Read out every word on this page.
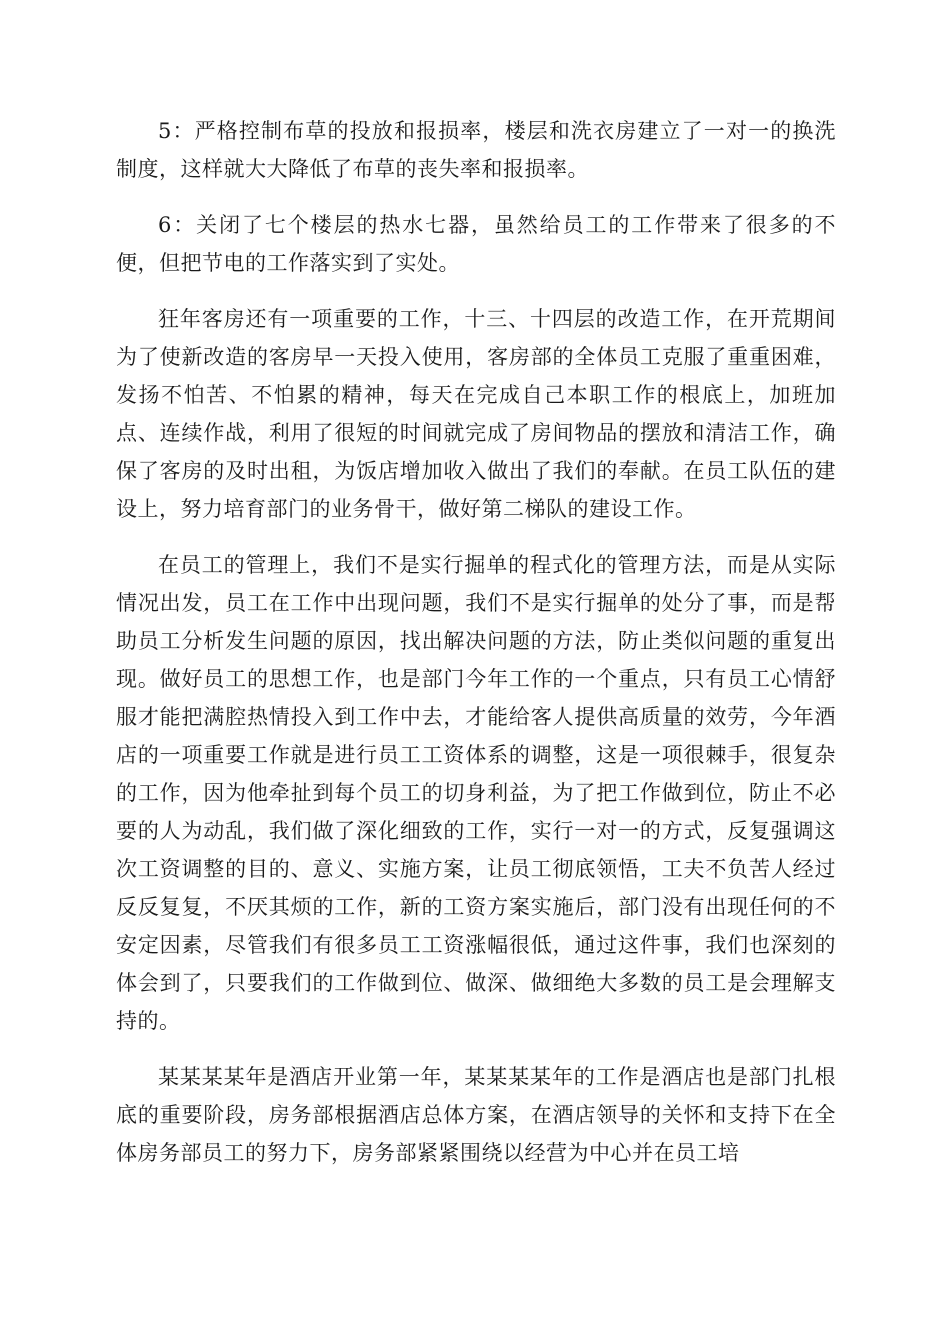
5：严格控制布草的投放和报损率，楼层和洗衣房建立了一对一的换洗制度，这样就大大降低了布草的丧失率和报损率。

6：关闭了七个楼层的热水七器，虽然给员工的工作带来了很多的不便，但把节电的工作落实到了实处。

狂年客房还有一项重要的工作，十三、十四层的改造工作，在开荒期间为了使新改造的客房早一天投入使用，客房部的全体员工克服了重重困难，发扬不怕苦、不怕累的精神，每天在完成自己本职工作的根底上，加班加点、连续作战，利用了很短的时间就完成了房间物品的摆放和清洁工作，确保了客房的及时出租，为饭店增加收入做出了我们的奉献。在员工队伍的建设上，努力培育部门的业务骨干，做好第二梯队的建设工作。

在员工的管理上，我们不是实行掘单的程式化的管理方法，而是从实际情况出发，员工在工作中出现问题，我们不是实行掘单的处分了事，而是帮助员工分析发生问题的原因，找出解决问题的方法，防止类似问题的重复出现。做好员工的思想工作，也是部门今年工作的一个重点，只有员工心情舒服才能把满腔热情投入到工作中去，才能给客人提供高质量的效劳，今年酒店的一项重要工作就是进行员工工资体系的调整，这是一项很棘手，很复杂的工作，因为他牵扯到每个员工的切身利益，为了把工作做到位，防止不必要的人为动乱，我们做了深化细致的工作，实行一对一的方式，反复强调这次工资调整的目的、意义、实施方案，让员工彻底领悟，工夫不负苦人经过反反复复，不厌其烦的工作，新的工资方案实施后，部门没有出现任何的不安定因素，尽管我们有很多员工工资涨幅很低，通过这件事，我们也深刻的体会到了，只要我们的工作做到位、做深、做细绝大多数的员工是会理解支持的。

某某某某年是酒店开业第一年，某某某某年的工作是酒店也是部门扎根底的重要阶段，房务部根据酒店总体方案，在酒店领导的关怀和支持下在全体房务部员工的努力下，房务部紧紧围绕以经营为中心并在员工培
